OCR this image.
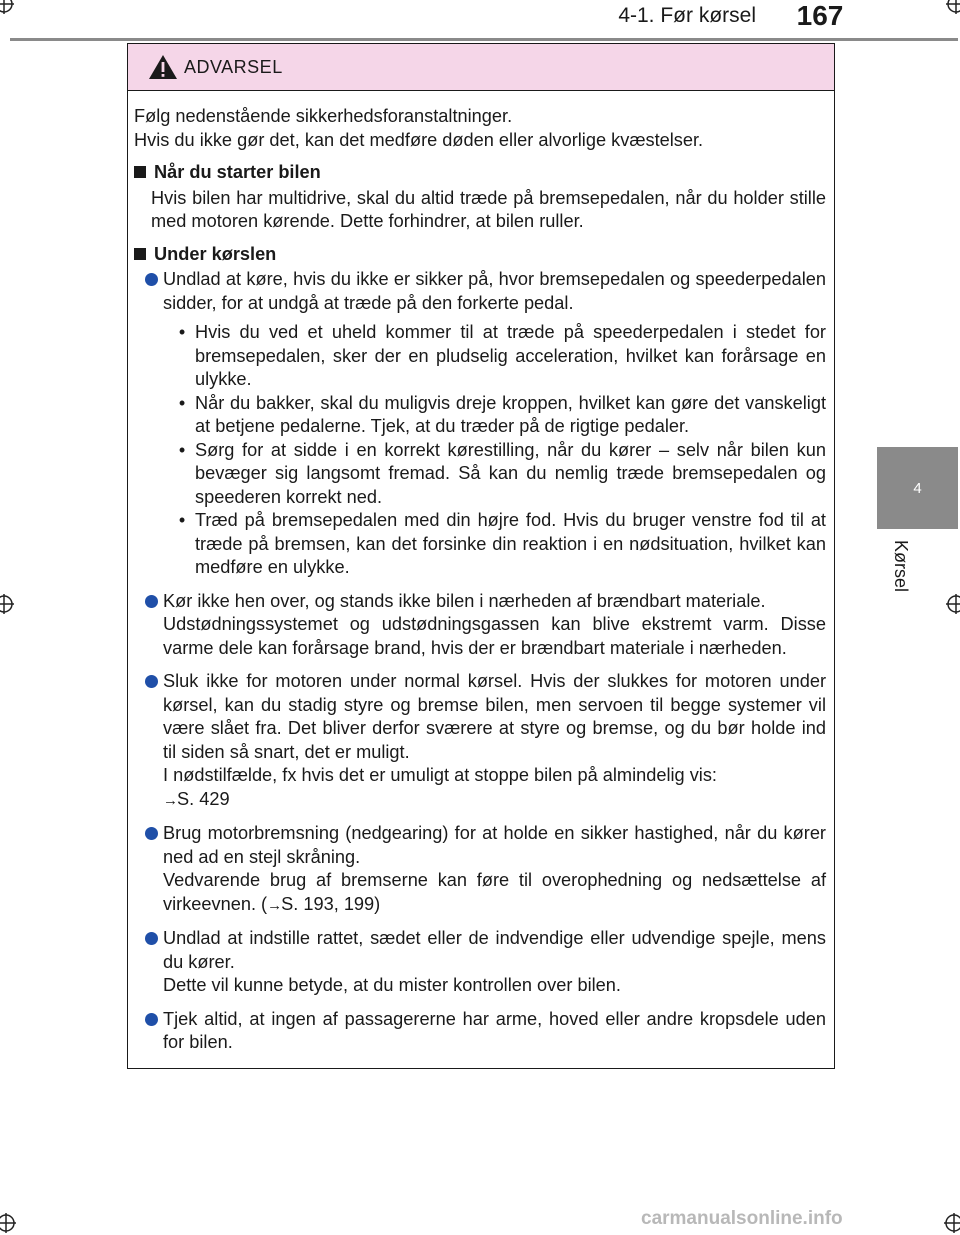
4-1. Før kørsel	167
4
Kørsel
ADVARSEL

Følg nedenstående sikkerhedsforanstaltninger.
Hvis du ikke gør det, kan det medføre døden eller alvorlige kvæstelser.

Når du starter bilen
Hvis bilen har multidrive, skal du altid træde på bremsepedalen, når du holder stille med motoren kørende. Dette forhindrer, at bilen ruller.
Under kørslen

Undlad at køre, hvis du ikke er sikker på, hvor bremsepedalen og speederpedalen sidder, for at undgå at træde på den forkerte pedal.

• Hvis du ved et uheld kommer til at træde på speederpedalen i stedet for bremsepedalen, sker der en pludselig acceleration, hvilket kan forårsage en ulykke.
• Når du bakker, skal du muligvis dreje kroppen, hvilket kan gøre det vanskeligt at betjene pedalerne. Tjek, at du træder på de rigtige pedaler.
• Sørg for at sidde i en korrekt kørestilling, når du kører – selv når bilen kun bevæger sig langsomt fremad. Så kan du nemlig træde bremsepedalen og speederen korrekt ned.
• Træd på bremsepedalen med din højre fod. Hvis du bruger venstre fod til at træde på bremsen, kan det forsinke din reaktion i en nødsituation, hvilket kan medføre en ulykke.

Kør ikke hen over, og stands ikke bilen i nærheden af brændbart materiale.

Udstødningssystemet og udstødningsgassen kan blive ekstremt varm. Disse varme dele kan forårsage brand, hvis der er brændbart materiale i nærheden.

Sluk ikke for motoren under normal kørsel. Hvis der slukkes for motoren under kørsel, kan du stadig styre og bremse bilen, men servoen til begge systemer vil være slået fra. Det bliver derfor sværere at styre og bremse, og du bør holde ind til siden så snart, det er muligt.

I nødstilfælde, fx hvis det er umuligt at stoppe bilen på almindelig vis:

→S. 429

Brug motorbremsning (nedgearing) for at holde en sikker hastighed, når du kører ned ad en stejl skråning.

Vedvarende brug af bremserne kan føre til overophedning og nedsættelse af virkeevnen. (→S. 193, 199)

Undlad at indstille rattet, sædet eller de indvendige eller udvendige spejle, mens du kører.

Dette vil kunne betyde, at du mister kontrollen over bilen.

Tjek altid, at ingen af passagererne har arme, hoved eller andre kropsdele uden for bilen.

carmanualsonline.info
